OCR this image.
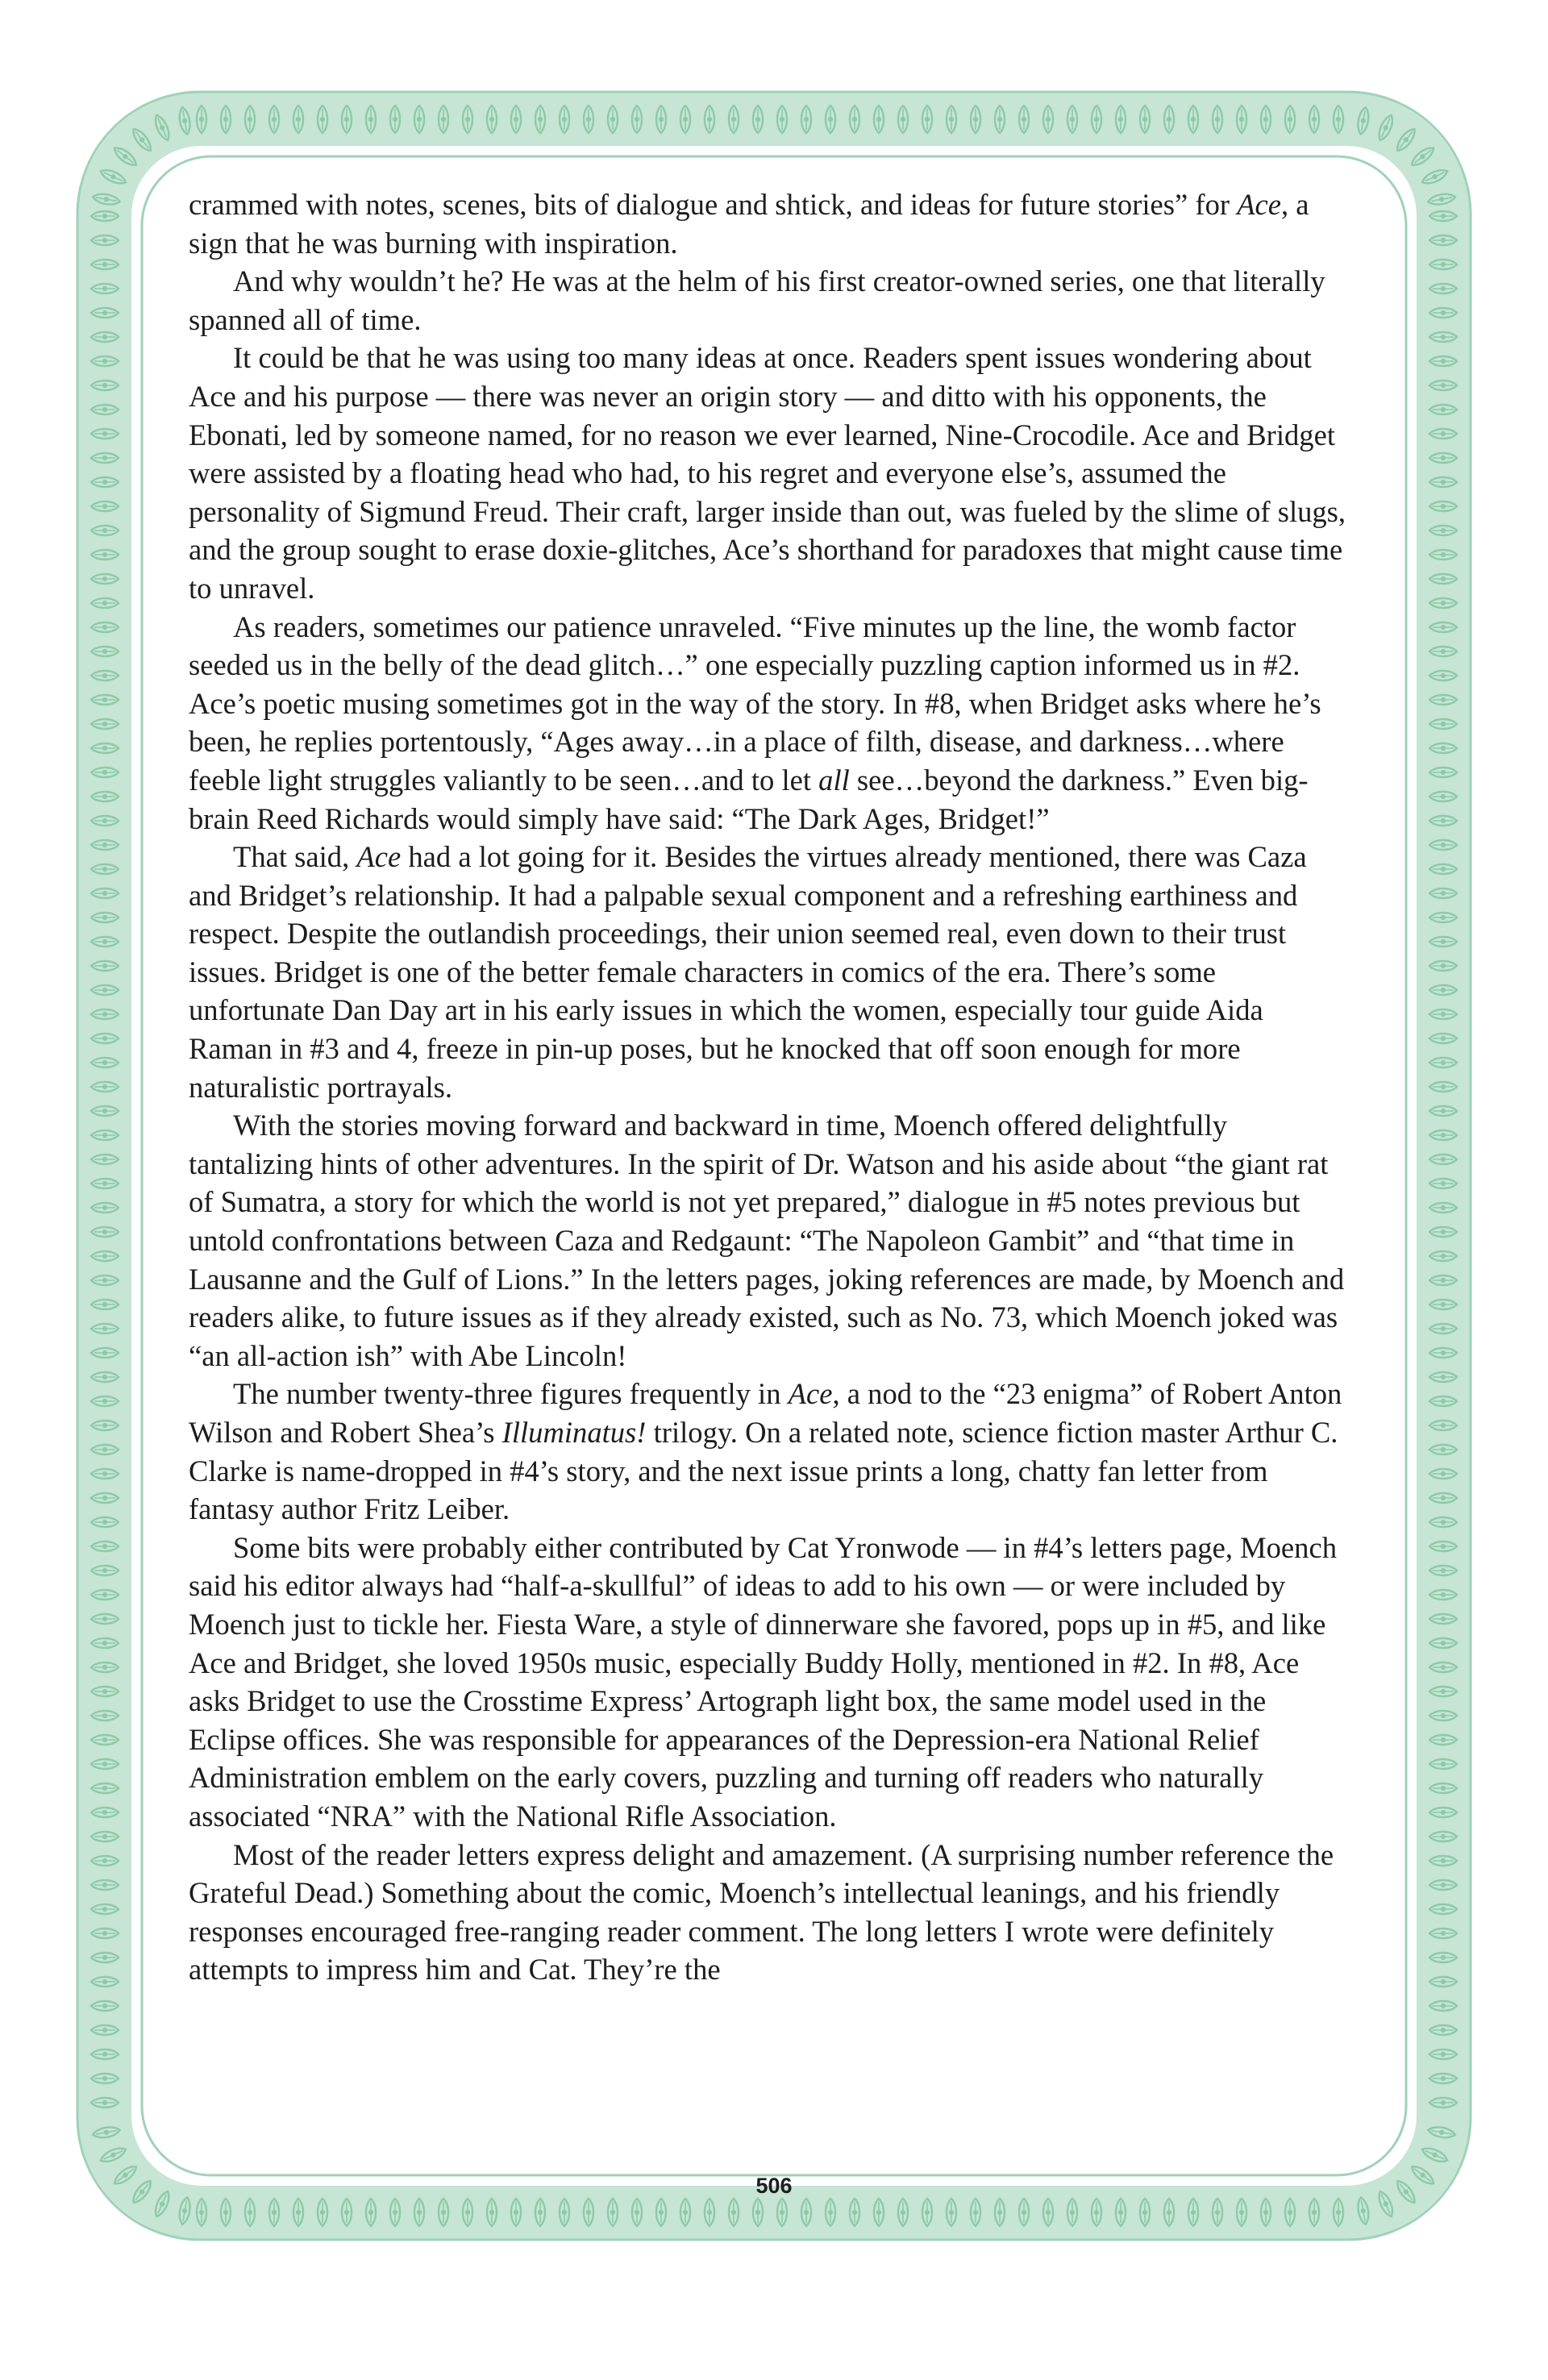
crammed with notes, scenes, bits of dialogue and shtick, and ideas for future stories” for Ace, a sign that he was burning with inspiration.

And why wouldn’t he? He was at the helm of his first creator-owned series, one that literally spanned all of time.

It could be that he was using too many ideas at once. Readers spent issues wondering about Ace and his purpose — there was never an origin story — and ditto with his opponents, the Ebonati, led by someone named, for no reason we ever learned, Nine-Crocodile. Ace and Bridget were assisted by a floating head who had, to his regret and everyone else’s, assumed the personality of Sigmund Freud. Their craft, larger inside than out, was fueled by the slime of slugs, and the group sought to erase doxie-glitches, Ace’s shorthand for paradoxes that might cause time to unravel.

As readers, sometimes our patience unraveled. “Five minutes up the line, the womb factor seeded us in the belly of the dead glitch…” one especially puzzling caption informed us in #2. Ace’s poetic musing sometimes got in the way of the story. In #8, when Bridget asks where he’s been, he replies portentously, “Ages away…in a place of filth, disease, and darkness…where feeble light struggles valiantly to be seen…and to let all see…beyond the darkness.” Even big-brain Reed Richards would simply have said: “The Dark Ages, Bridget!”

That said, Ace had a lot going for it. Besides the virtues already mentioned, there was Caza and Bridget’s relationship. It had a palpable sexual component and a refreshing earthiness and respect. Despite the outlandish proceedings, their union seemed real, even down to their trust issues. Bridget is one of the better female characters in comics of the era. There’s some unfortunate Dan Day art in his early issues in which the women, especially tour guide Aida Raman in #3 and 4, freeze in pin-up poses, but he knocked that off soon enough for more naturalistic portrayals.

With the stories moving forward and backward in time, Moench offered delightfully tantalizing hints of other adventures. In the spirit of Dr. Watson and his aside about “the giant rat of Sumatra, a story for which the world is not yet prepared,” dialogue in #5 notes previous but untold confrontations between Caza and Redgaunt: “The Napoleon Gambit” and “that time in Lausanne and the Gulf of Lions.” In the letters pages, joking references are made, by Moench and readers alike, to future issues as if they already existed, such as No. 73, which Moench joked was “an all-action ish” with Abe Lincoln!

The number twenty-three figures frequently in Ace, a nod to the “23 enigma” of Robert Anton Wilson and Robert Shea’s Illuminatus! trilogy. On a related note, science fiction master Arthur C. Clarke is name-dropped in #4’s story, and the next issue prints a long, chatty fan letter from fantasy author Fritz Leiber.

Some bits were probably either contributed by Cat Yronwode — in #4’s letters page, Moench said his editor always had “half-a-skullful” of ideas to add to his own — or were included by Moench just to tickle her. Fiesta Ware, a style of dinnerware she favored, pops up in #5, and like Ace and Bridget, she loved 1950s music, especially Buddy Holly, mentioned in #2. In #8, Ace asks Bridget to use the Crosstime Express’ Artograph light box, the same model used in the Eclipse offices. She was responsible for appearances of the Depression-era National Relief Administration emblem on the early covers, puzzling and turning off readers who naturally associated “NRA” with the National Rifle Association.

Most of the reader letters express delight and amazement. (A surprising number reference the Grateful Dead.) Something about the comic, Moench’s intellectual leanings, and his friendly responses encouraged free-ranging reader comment. The long letters I wrote were definitely attempts to impress him and Cat. They’re the

506
